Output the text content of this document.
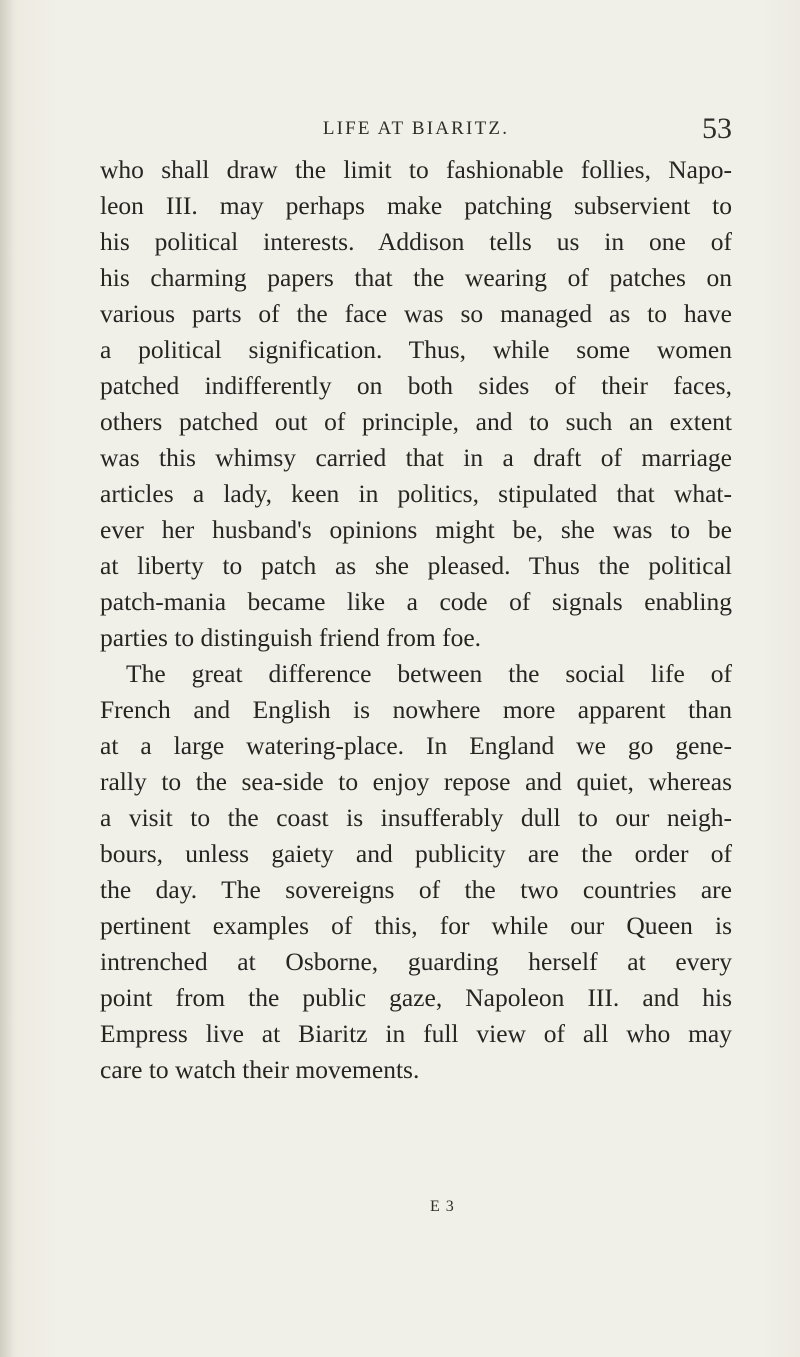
LIFE AT BIARITZ.	53
who shall draw the limit to fashionable follies, Napo-
leon III. may perhaps make patching subservient to
his political interests. Addison tells us in one of
his charming papers that the wearing of patches on
various parts of the face was so managed as to have
a political signification. Thus, while some women
patched indifferently on both sides of their faces,
others patched out of principle, and to such an extent
was this whimsy carried that in a draft of marriage
articles a lady, keen in politics, stipulated that what-
ever her husband's opinions might be, she was to be
at liberty to patch as she pleased. Thus the political
patch-mania became like a code of signals enabling
parties to distinguish friend from foe.
The great difference between the social life of
French and English is nowhere more apparent than
at a large watering-place. In England we go gene-
rally to the sea-side to enjoy repose and quiet, whereas
a visit to the coast is insufferably dull to our neigh-
bours, unless gaiety and publicity are the order of
the day. The sovereigns of the two countries are
pertinent examples of this, for while our Queen is
intrenched at Osborne, guarding herself at every
point from the public gaze, Napoleon III. and his
Empress live at Biaritz in full view of all who may
care to watch their movements.
E 3
